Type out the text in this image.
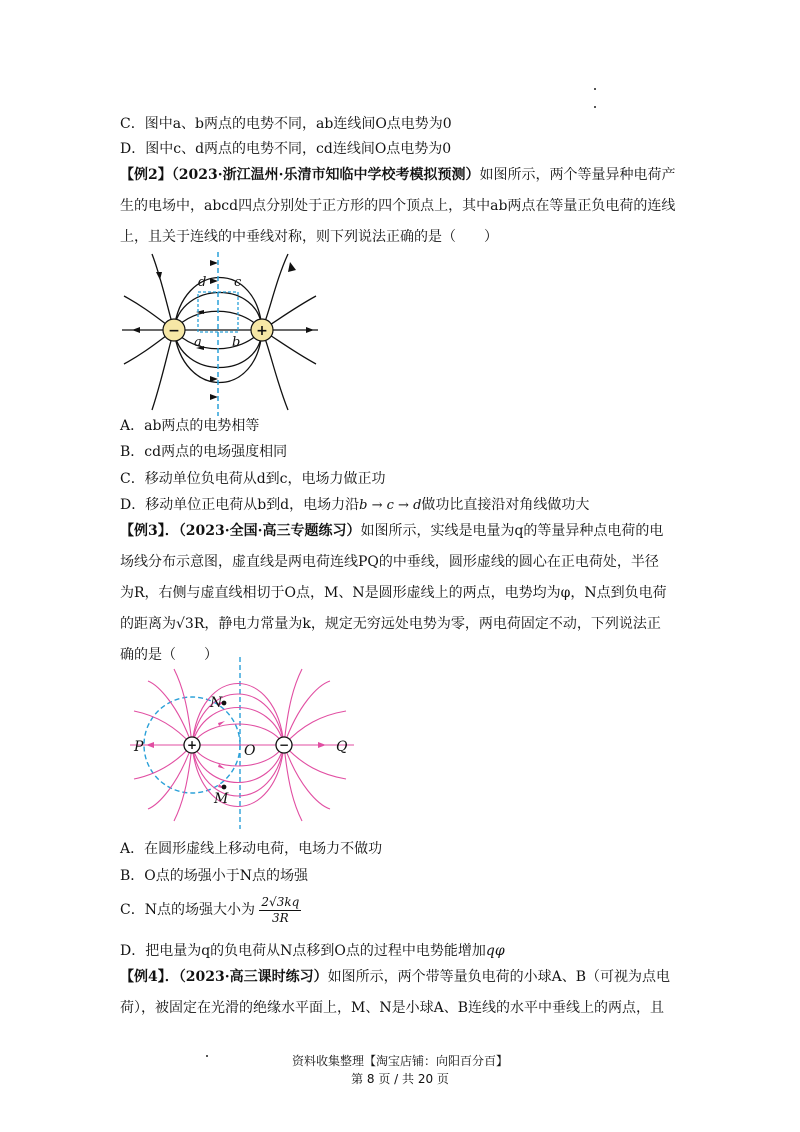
C．图中a、b两点的电势不同，ab连线间O点电势为0
D．图中c、d两点的电势不同，cd连线间O点电势为0
【例2】（2023·浙江温州·乐清市知临中学校考模拟预测）如图所示，两个等量异种电荷产
生的电场中，abcd四点分别处于正方形的四个顶点上，其中ab两点在等量正负电荷的连线
上，且关于连线的中垂线对称，则下列说法正确的是（　　）
d c
a b
−	+
A．ab两点的电势相等
B．cd两点的电场强度相同
C．移动单位负电荷从d到c，电场力做正功
D．移动单位正电荷从b到d，电场力沿b → c → d做功比直接沿对角线做功大
【例3】．（2023·全国·高三专题练习）如图所示，实线是电量为q的等量异种点电荷的电
场线分布示意图，虚直线是两电荷连线PQ的中垂线，圆形虚线的圆心在正电荷处，半径
为R，右侧与虚直线相切于O点，M、N是圆形虚线上的两点，电势均为φ，N点到负电荷
的距离为√3R，静电力常量为k，规定无穷远处电势为零，两电荷固定不动，下列说法正
确的是（　　）
+	−
N
P	O
M
Q
A．在圆形虚线上移动电荷，电场力不做功
B．O点的场强小于N点的场强
C．N点的场强大小为 $\frac{2√3kq}{3R}$
D．把电量为q的负电荷从N点移到O点的过程中电势能增加qφ
【例4】．（2023·高三课时练习）如图所示，两个带等量负电荷的小球A、B（可视为点电
荷），被固定在光滑的绝缘水平面上，M、N是小球A、B连线的水平中垂线上的两点，且
资料收集整理【淘宝店铺：向阳百分百】
第 8 页 / 共 20 页
